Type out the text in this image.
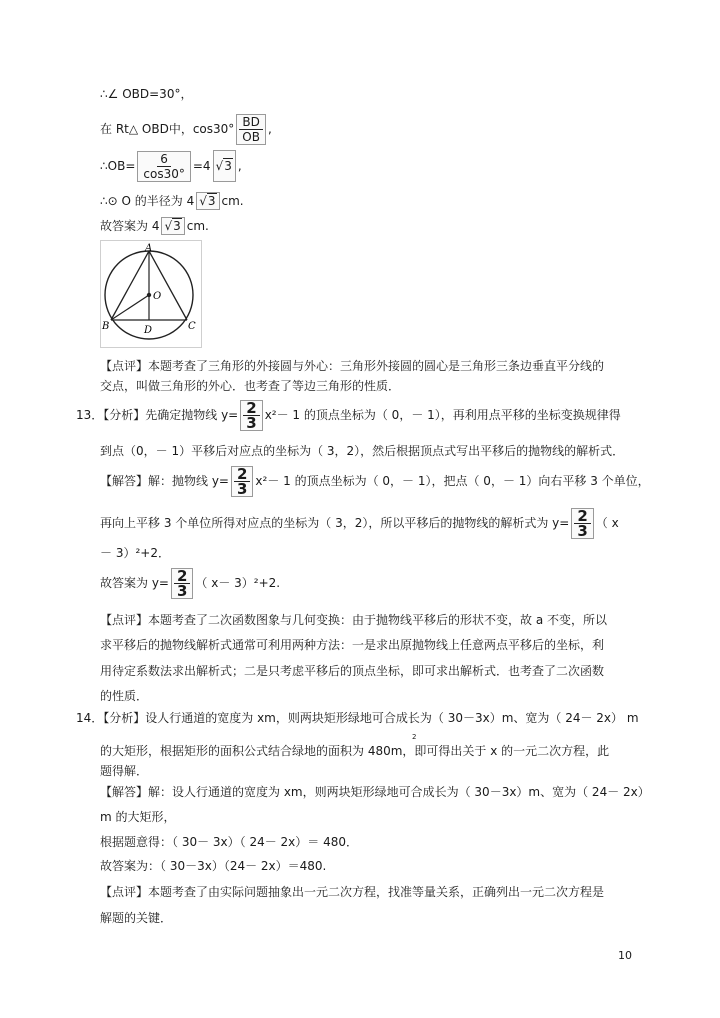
∴∠ OBD=30°，
在 Rt△ OBD中，$\cos 30^\circ \frac{BD}{OB}$ ,
∴OB= $\frac{6}{\cos 30^\circ} =4$ √3 ,
∴⊙ O 的半径为 4 √3 cm.
故答案为 4 √3 cm.
A
O
B	D	C
【点评】本题考查了三角形的外接圆与外心：三角形外接圆的圆心是三角形三条边垂直平分线的
交点，叫做三角形的外心．也考查了等边三角形的性质．
13．【分析】先确定抛物线 $y= \frac{2}{3} x^2- 1$ 的顶点坐标为（ 0，－ 1），再利用点平移的坐标变换规律得
到点（0，－ 1）平移后对应点的坐标为（ 3，2），然后根据顶点式写出平移后的抛物线的解析式．
【解答】解：抛物线 $y= \frac{2}{3} x^2- 1$ 的顶点坐标为（ 0，－ 1），把点（ 0，－ 1）向右平移 3 个单位，
再向上平移 3 个单位所得对应点的坐标为（ 3，2），所以平移后的抛物线的解析式为 $y= \frac{2}{3}$ （ x
－ 3）²+2．
故答案为 $y= \frac{2}{3}$ （ x－ 3）²+2.
【点评】本题考查了二次函数图象与几何变换：由于抛物线平移后的形状不变，故 a 不变，所以
求平移后的抛物线解析式通常可利用两种方法：一是求出原抛物线上任意两点平移后的坐标，利
用待定系数法求出解析式；二是只考虑平移后的顶点坐标，即可求出解析式．也考查了二次函数
的性质．
14．【分析】设人行通道的宽度为 xm，则两块矩形绿地可合成长为（ 30－3x）m、宽为（ 24－ 2x） m
2
的大矩形，根据矩形的面积公式结合绿地的面积为 480m，即可得出关于 x 的一元二次方程，此
题得解．
【解答】解：设人行通道的宽度为 xm，则两块矩形绿地可合成长为（ 30－3x）m、宽为（ 24－ 2x）
m 的大矩形，
根据题意得：（ 30－ 3x）（ 24－ 2x）＝ 480．
故答案为：（ 30－3x）（24－ 2x）＝480.
【点评】本题考查了由实际问题抽象出一元二次方程，找准等量关系，正确列出一元二次方程是
解题的关键．
10
